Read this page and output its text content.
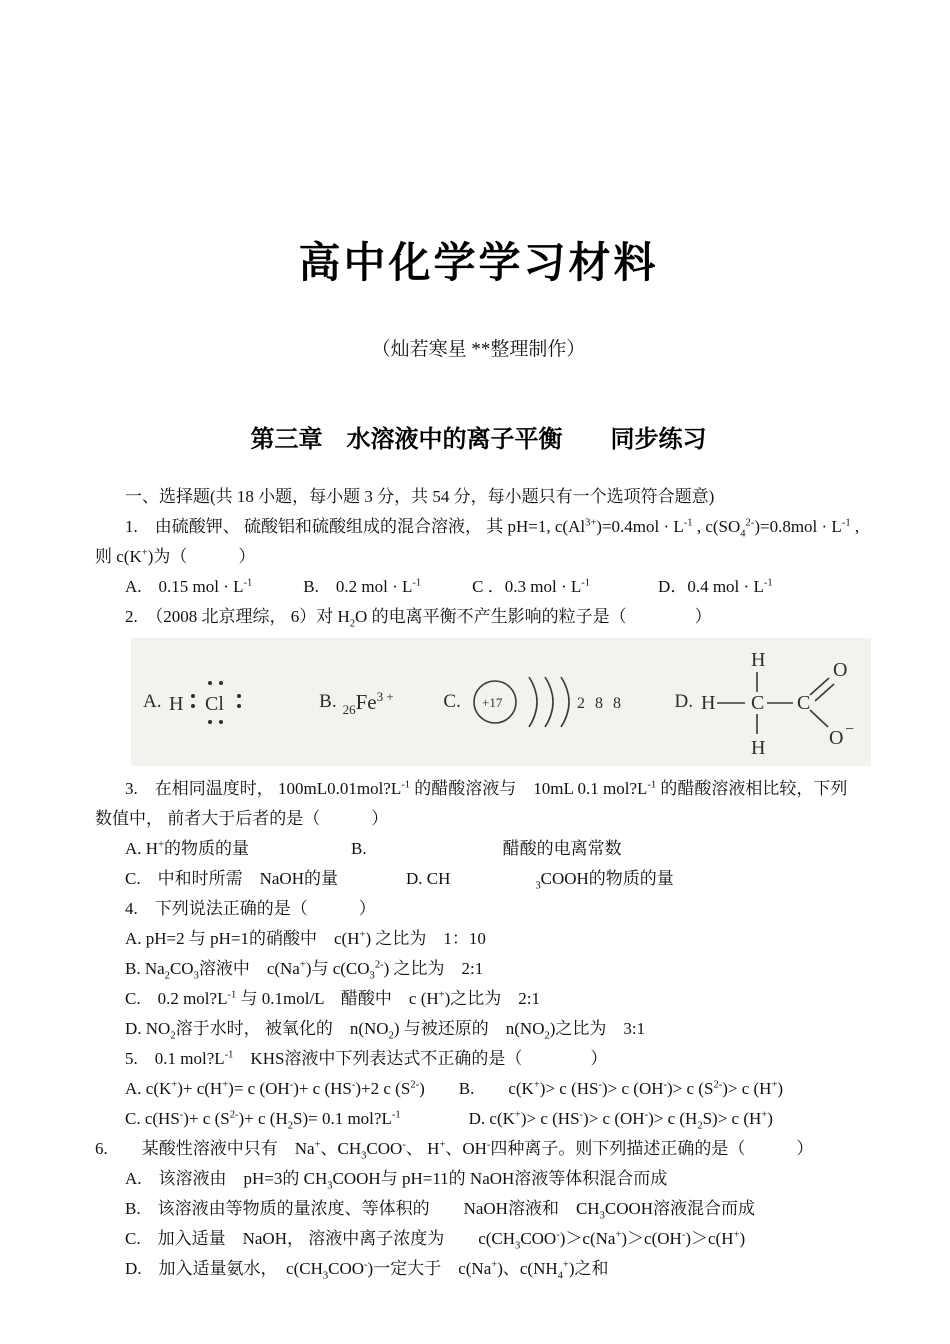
高中化学学习材料
（灿若寒星 **整理制作）
第三章　水溶液中的离子平衡　　同步练习

一、选择题(共 18 小题，每小题 3 分，共 54 分，每小题只有一个选项符合题意)

1.　由硫酸钾、 硫酸铝和硫酸组成的混合溶液， 其 pH=1, $c(Al^{3+})=0.4mol \cdot L^{-1}$ , $c(SO_4^{2-})=0.8mol \cdot L^{-1}$ , 则 c(K+)为（　　　）

A.　0.15 mol · $L^{-1}$　　　B.　0.2 mol · $L^{-1}$　　　C ．0.3 mol · $L^{-1}$　　　　D．0.4 mol · $L^{-1}$

2.　（2008 北京理综， 6）对 $H_2O$ 的电离平衡不产生影响的粒子是（　　　　）

A. H Cl	B. $_{26}Fe^{3 +}$	C. +17	2 8 8	D.
H
H C
H
C
O
O −

3.　在相同温度时， $100mL0.01mol?L^{-1}$ 的醋酸溶液与　10mL 0.1 $mol?L^{-1}$ 的醋酸溶液相比较，下列数值中， 前者大于后者的是（　　　）

A. H+的物质的量　　　　　　B.　　　　　　　　醋酸的电离常数

C.　中和时所需　NaOH的量　　　　D. CH　　　　　$_3$COOH的物质的量

4.　下列说法正确的是（　　　）

A. pH=2 与 pH=1的硝酸中　c(H+) 之比为　1：10

B. $Na_2CO_3$溶液中　c(Na+)与 $c(CO_3^{2-})$ 之比为　2:1

C.　0.2 $mol?L^{-1}$ 与 0.1mol/L　醋酸中　c (H+)之比为　2:1

D. $NO_2$溶于水时， 被氧化的　$n(NO_2)$ 与被还原的　$n(NO_2)$之比为　3:1

5.　0.1 $mol?L^{-1}$　KHS溶液中下列表达式不正确的是（　　　　）

A. c(K+)+ c(H+)= c (OH-)+ c (HS-)+2 c $(S^{2-})$　　B.　　c(K+)> c (HS-)> c (OH-)> c $(S^{2-})> c$ (H+)

C. c(HS-)+ c $(S^{2-})+ c$ $(H_2S)= 0.1$ $mol?L^{-1}$　　　　D. c(K+)> c (HS-)> c (OH-)> c $(H_2S)> c$ (H+)

6.　　某酸性溶液中只有　Na+、$CH_3COO^-$、 H+、OH-四种离子。则下列描述正确的是（　　　）

A.　该溶液由　pH=3的 $CH_3COOH$与 pH=11的 NaOH溶液等体积混合而成

B.　该溶液由等物质的量浓度、等体积的　　NaOH溶液和　$CH_3COOH$溶液混合而成

C.　加入适量　NaOH， 溶液中离子浓度为　　$c(CH_3COO^-)>c(Na^+)>c(OH^-)>c(H^+)$

D.　加入适量氨水，　$c(CH_3COO^-)$一定大于　c(Na+)、$c(NH_4^+)$之和
